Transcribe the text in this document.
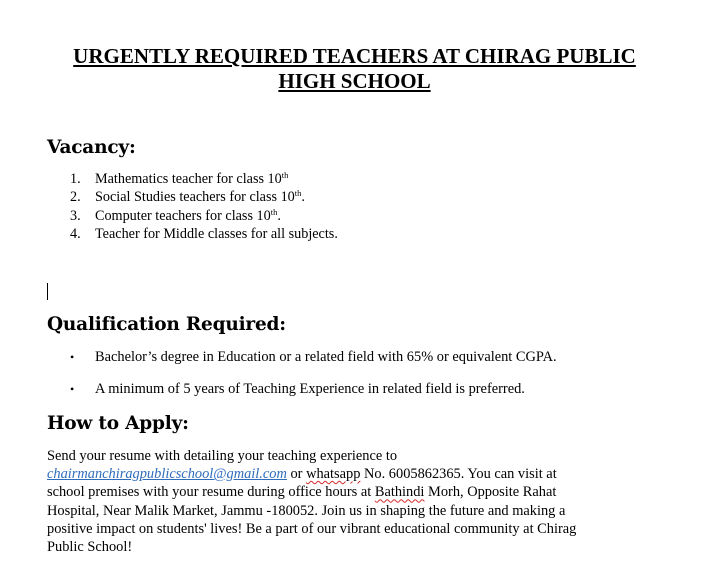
URGENTLY REQUIRED TEACHERS AT CHIRAG PUBLIC
HIGH SCHOOL
Vacancy:
1. Mathematics teacher for class 10th
2. Social Studies teachers for class 10th.
3. Computer teachers for class 10th.
4. Teacher for Middle classes for all subjects.
Qualification Required:
• Bachelor’s degree in Education or a related field with 65% or equivalent CGPA.
• A minimum of 5 years of Teaching Experience in related field is preferred.
How to Apply:
Send your resume with detailing your teaching experience to
chairmanchiragpublicschool@gmail.com or whatsapp No. 6005862365. You can visit at
school premises with your resume during office hours at Bathindi Morh, Opposite Rahat
Hospital, Near Malik Market, Jammu -180052. Join us in shaping the future and making a
positive impact on students' lives! Be a part of our vibrant educational community at Chirag
Public School!
